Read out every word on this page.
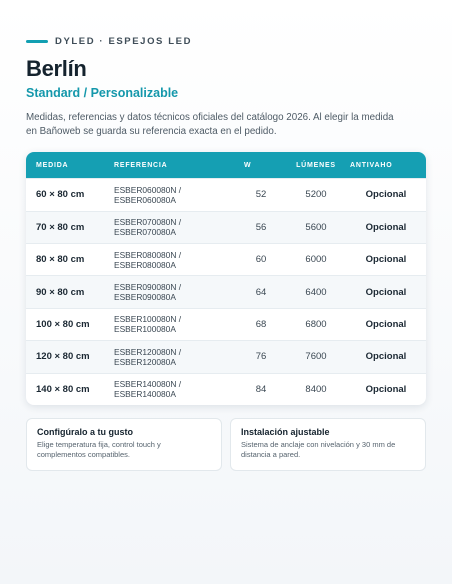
DYLED · ESPEJOS LED
Berlín
Standard / Personalizable

Medidas, referencias y datos técnicos oficiales del catálogo 2026. Al elegir la medida en Bañoweb se guarda su referencia exacta en el pedido.

MEDIDA	REFERENCIA	W	LÚMENES	ANTIVAHO
60 × 80 cm	ESBER060080N /
ESBER060080A	52	5200	Opcional
70 × 80 cm	ESBER070080N /
ESBER070080A	56	5600	Opcional
80 × 80 cm	ESBER080080N /
ESBER080080A	60	6000	Opcional
90 × 80 cm	ESBER090080N /
ESBER090080A	64	6400	Opcional
100 × 80 cm	ESBER100080N /
ESBER100080A	68	6800	Opcional
120 × 80 cm	ESBER120080N /
ESBER120080A	76	7600	Opcional
140 × 80 cm	ESBER140080N /
ESBER140080A	84	8400	Opcional
Configúralo a tu gusto
Elige temperatura fija, control touch y complementos compatibles.
Instalación ajustable
Sistema de anclaje con nivelación y 30 mm de distancia a pared.
